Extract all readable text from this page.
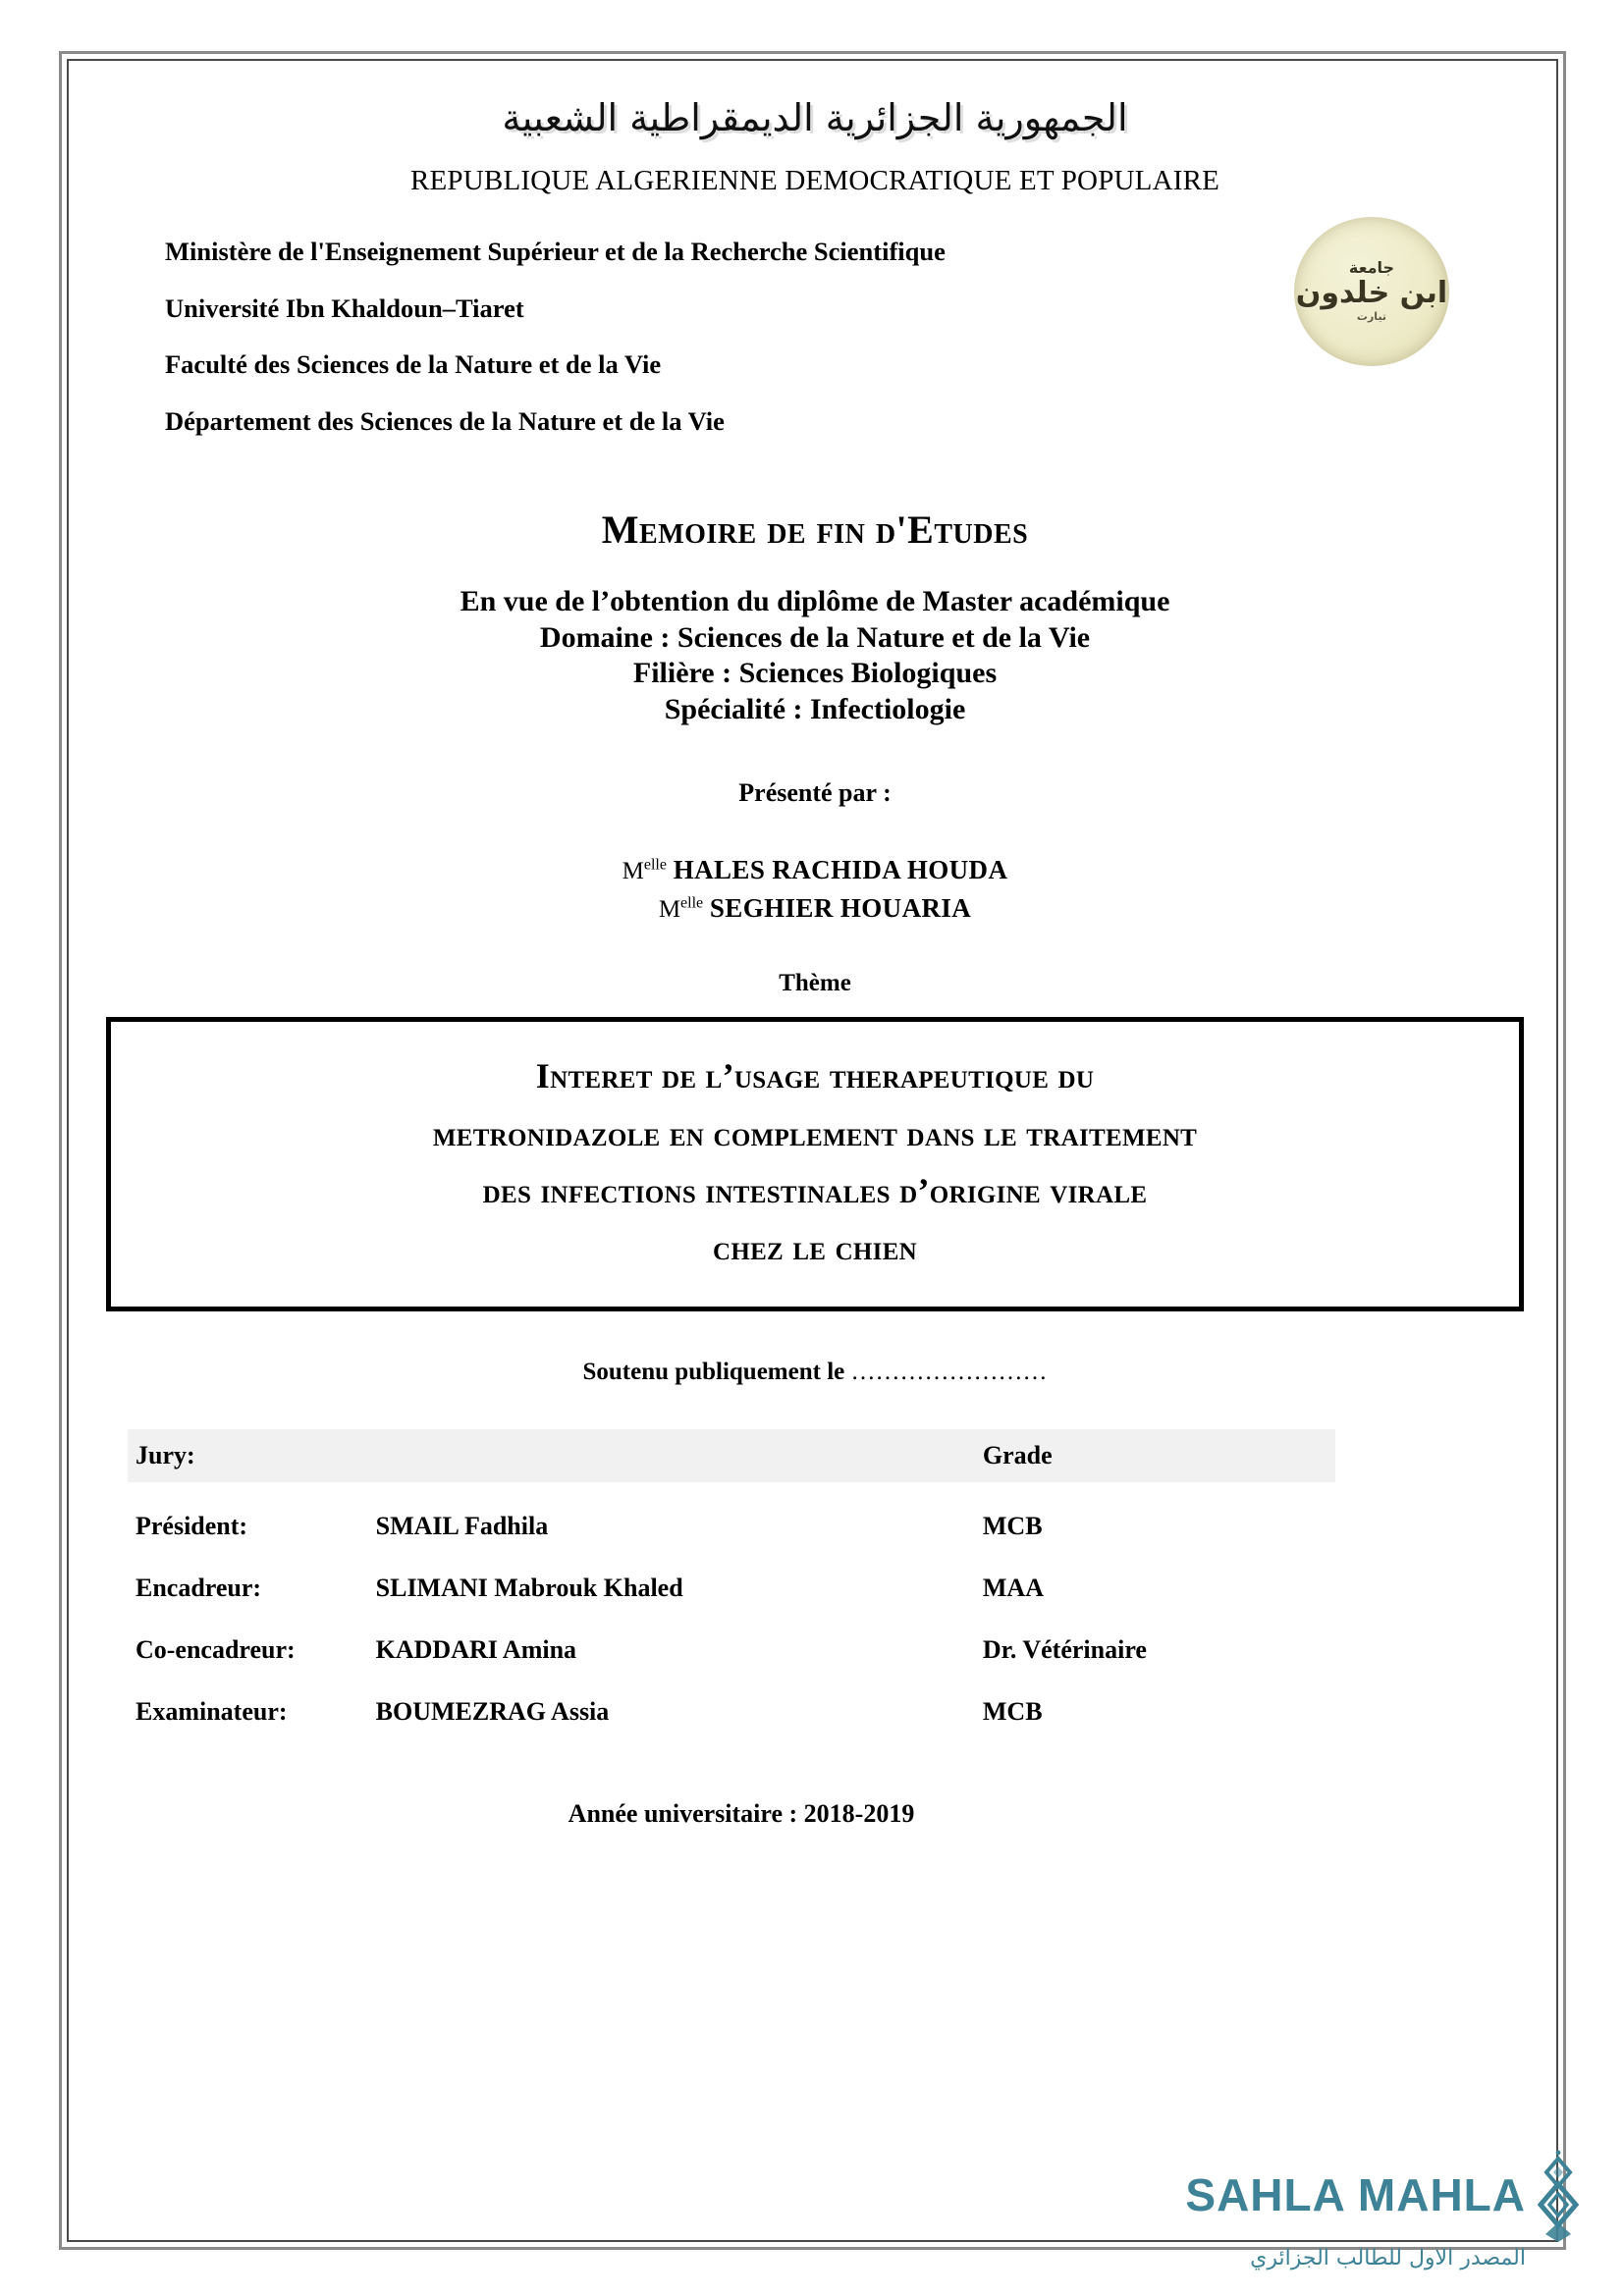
الجمهورية الجزائرية الديمقراطية الشعبية
REPUBLIQUE ALGERIENNE DEMOCRATIQUE ET POPULAIRE
جامعة
ابن خلدون
تيارت
Ministère de l'Enseignement Supérieur et de la Recherche Scientifique
Université Ibn Khaldoun–Tiaret
Faculté des Sciences de la Nature et de la Vie
Département des Sciences de la Nature et de la Vie
Memoire de fin d'Etudes
En vue de l’obtention du diplôme de Master académique
Domaine : Sciences de la Nature et de la Vie
Filière : Sciences Biologiques
Spécialité : Infectiologie
Présenté par :
$M^{elle}$ HALES RACHIDA HOUDA
$M^{elle}$ SEGHIER HOUARIA
Thème
Interet de l’usage therapeutique du
metronidazole en complement dans le traitement
des infections intestinales d’origine virale
chez le chien
Soutenu publiquement le ……………………
Jury:		Grade
Président:	SMAIL Fadhila	MCB
Encadreur:	SLIMANI Mabrouk Khaled	MAA
Co-encadreur:	KADDARI Amina	Dr. Vétérinaire
Examinateur:	BOUMEZRAG Assia	MCB
Année universitaire : 2018-2019
SAHLA MAHLA
المصدر الاول للطالب الجزائري
